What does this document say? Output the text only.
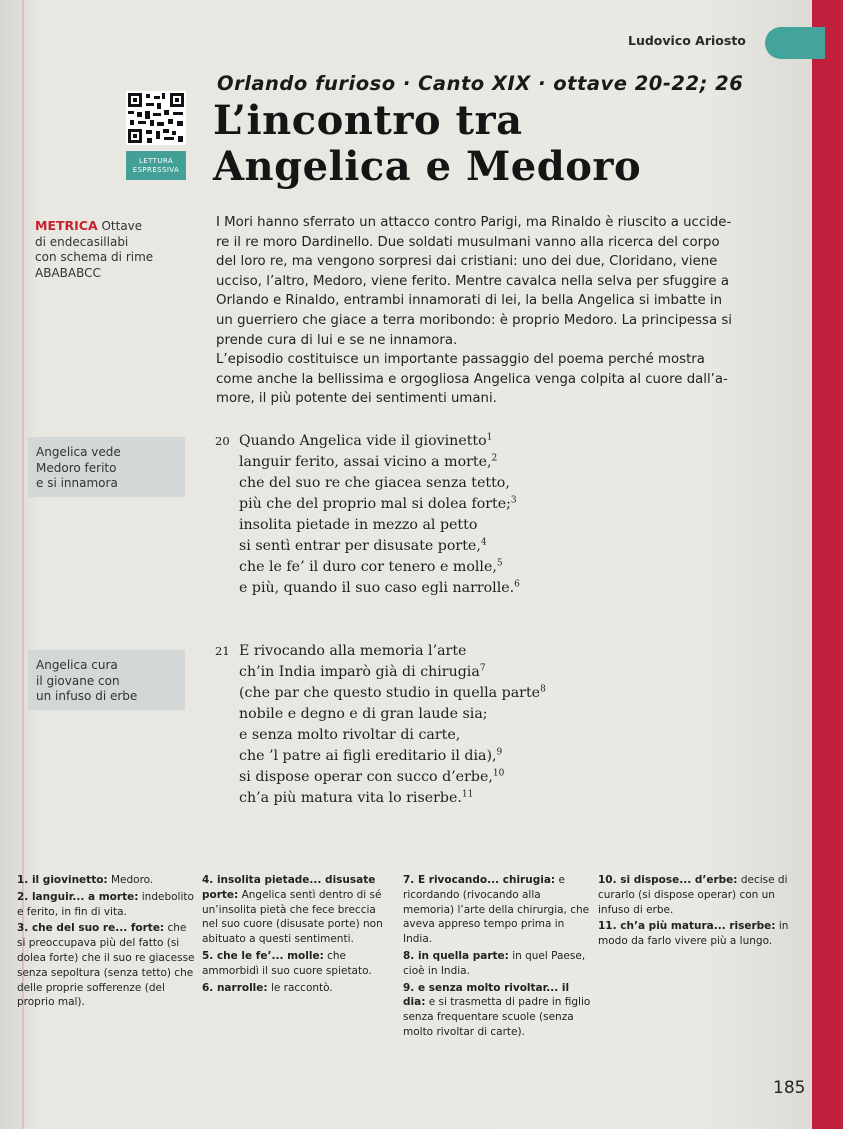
Ludovico Ariosto
Orlando furioso · Canto XIX · ottave 20-22; 26
L’incontro tra
Angelica e Medoro
LETTURA
ESPRESSIVA
METRICA Ottave
di endecasillabi
con schema di rime
ABABABCC
I Mori hanno sferrato un attacco contro Parigi, ma Rinaldo è riuscito a uccide-
re il re moro Dardinello. Due soldati musulmani vanno alla ricerca del corpo
del loro re, ma vengono sorpresi dai cristiani: uno dei due, Cloridano, viene
ucciso, l’altro, Medoro, viene ferito. Mentre cavalca nella selva per sfuggire a
Orlando e Rinaldo, entrambi innamorati di lei, la bella Angelica si imbatte in
un guerriero che giace a terra moribondo: è proprio Medoro. La principessa si
prende cura di lui e se ne innamora.
L’episodio costituisce un importante passaggio del poema perché mostra
come anche la bellissima e orgogliosa Angelica venga colpita al cuore dall’a-
more, il più potente dei sentimenti umani.
Angelica vede
Medoro ferito
e si innamora
20 Quando Angelica vide il giovinetto$^1$
languir ferito, assai vicino a morte,$^2$
che del suo re che giacea senza tetto,
più che del proprio mal si dolea forte;$^3$
insolita pietade in mezzo al petto
si sentì entrar per disusate porte,$^4$
che le fe’ il duro cor tenero e molle,$^5$
e più, quando il suo caso egli narrolle.$^6$
Angelica cura
il giovane con
un infuso di erbe
21 E rivocando alla memoria l’arte
ch’in India imparò già di chirugia$^7$
(che par che questo studio in quella parte$^8$
nobile e degno e di gran laude sia;
e senza molto rivoltar di carte,
che ’l patre ai figli ereditario il dia),$^9$
si dispose operar con succo d’erbe,$^{10}$
ch’a più matura vita lo riserbe.$^{11}$

1. il giovinetto: Medoro.

2. languir... a morte: indebolito e ferito, in fin di vita.

3. che del suo re... forte: che si preoccupava più del fatto (si dolea forte) che il suo re giacesse senza sepoltura (senza tetto) che delle proprie sofferenze (del proprio mal).

4. insolita pietade... disusate porte: Angelica sentì dentro di sé un’insolita pietà che fece breccia nel suo cuore (disusate porte) non abituato a questi sentimenti.

5. che le fe’... molle: che ammorbidì il suo cuore spietato.

6. narrolle: le raccontò.

7. E rivocando... chirugia: e ricordando (rivocando alla memoria) l’arte della chirurgia, che aveva appreso tempo prima in India.

8. in quella parte: in quel Paese, cioè in India.

9. e senza molto rivoltar... il dia: e si trasmetta di padre in figlio senza frequentare scuole (senza molto rivoltar di carte).

10. si dispose... d’erbe: decise di curarlo (si dispose operar) con un infuso di erbe.

11. ch’a più matura... riserbe: in modo da farlo vivere più a lungo.

185
